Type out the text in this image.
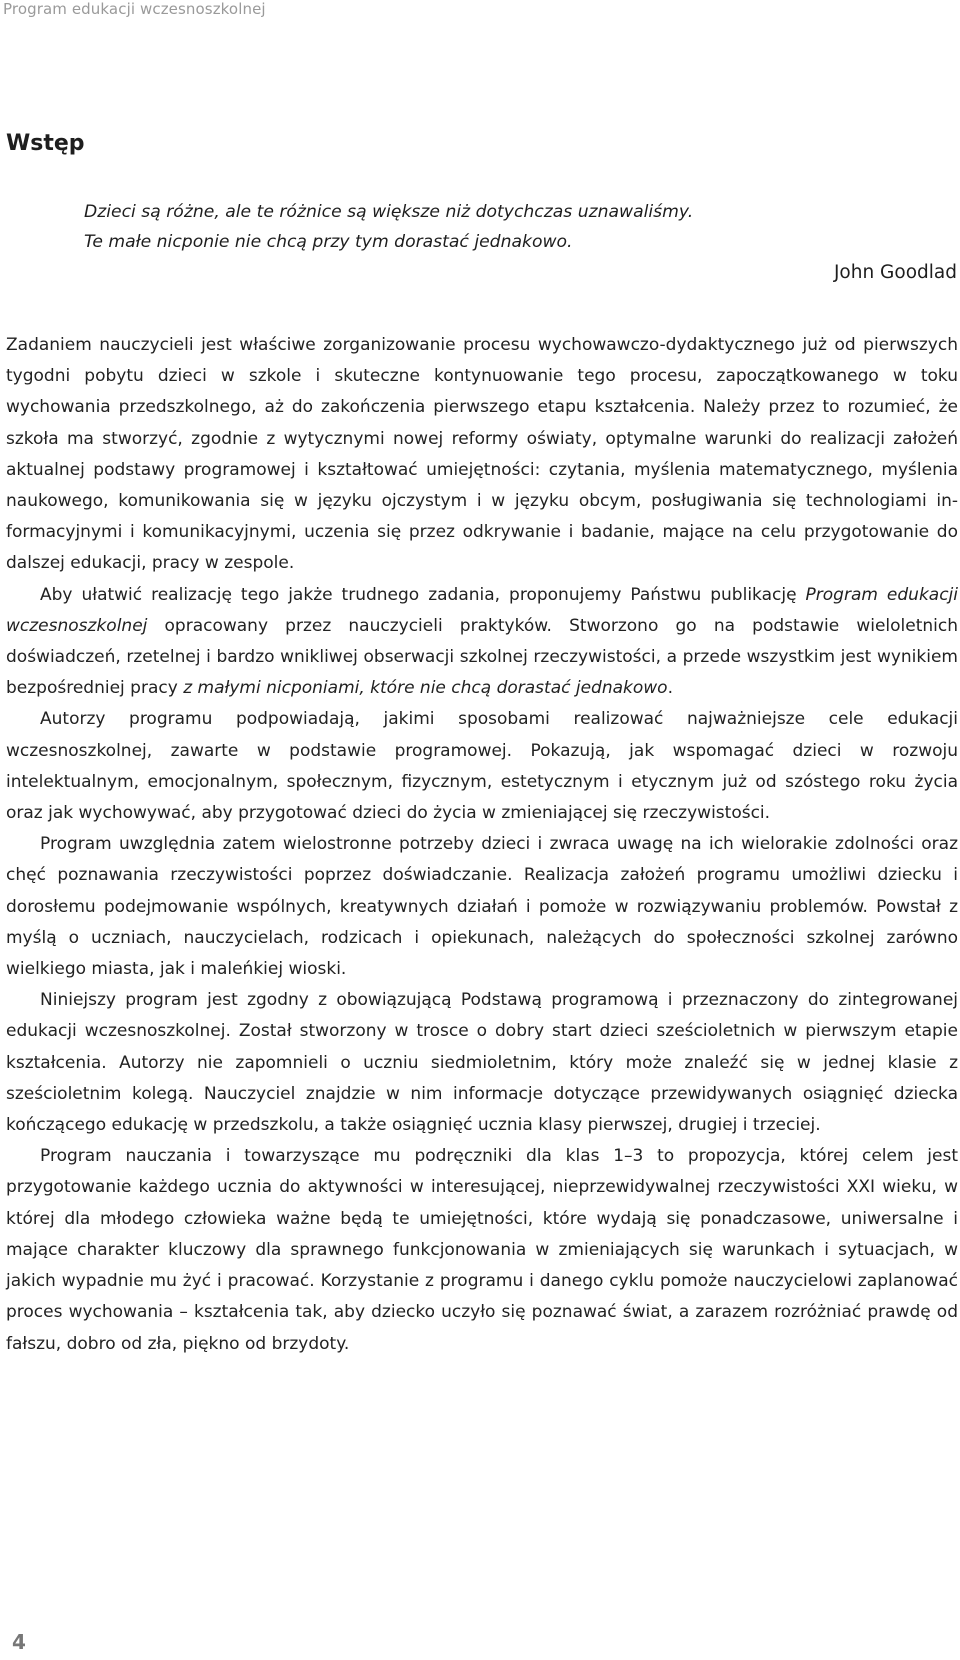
Program edukacji wczesnoszkolnej
Wstęp
Dzieci są różne, ale te różnice są większe niż dotychczas uznawaliśmy.
Te małe nicponie nie chcą przy tym dorastać jednakowo.
John Goodlad

Zadaniem nauczycieli jest właściwe zorganizowanie procesu wychowawczo-dydaktycznego już od pierwszych tygodni pobytu dzieci w szkole i skuteczne kontynuowanie tego procesu, zapoczątkowanego w toku wychowania przedszkolnego, aż do zakończenia pierwszego etapu kształcenia. Należy przez to rozumieć, że szkoła ma stworzyć, zgodnie z wytycznymi nowej reformy oświaty, optymalne warunki do realizacji założeń aktualnej podstawy programowej i kształtować umiejętności: czytania, myślenia matematycznego, myślenia naukowego, komunikowania się w języku ojczystym i w języku obcym, posługiwania się technologiami informacyjnymi i komunikacyjnymi, uczenia się przez odkrywanie i badanie, mające na celu przygotowanie do dalszej edukacji, pracy w zespole.

Aby ułatwić realizację tego jakże trudnego zadania, proponujemy Państwu publikację Program edukacji wczesnoszkolnej opracowany przez nauczycieli praktyków. Stworzono go na podstawie wieloletnich doświadczeń, rzetelnej i bardzo wnikliwej obserwacji szkolnej rzeczywistości, a przede wszystkim jest wynikiem bezpośredniej pracy z małymi nicponiami, które nie chcą dorastać jednakowo.

Autorzy programu podpowiadają, jakimi sposobami realizować najważniejsze cele edukacji wczesnoszkolnej, zawarte w podstawie programowej. Pokazują, jak wspomagać dzieci w rozwoju intelektualnym, emocjonalnym, społecznym, fizycznym, estetycznym i etycznym już od szóstego roku życia oraz jak wychowywać, aby przygotować dzieci do życia w zmieniającej się rzeczywistości.

Program uwzględnia zatem wielostronne potrzeby dzieci i zwraca uwagę na ich wielorakie zdolności oraz chęć poznawania rzeczywistości poprzez doświadczanie. Realizacja założeń programu umożliwi dziecku i dorosłemu podejmowanie wspólnych, kreatywnych działań i pomoże w rozwiązywaniu problemów. Powstał z myślą o uczniach, nauczycielach, rodzicach i opiekunach, należących do społeczności szkolnej zarówno wielkiego miasta, jak i maleńkiej wioski.

Niniejszy program jest zgodny z obowiązującą Podstawą programową i przeznaczony do zintegrowanej edukacji wczesnoszkolnej. Został stworzony w trosce o dobry start dzieci sześcioletnich w pierwszym etapie kształcenia. Autorzy nie zapomnieli o uczniu siedmioletnim, który może znaleźć się w jednej klasie z sześcioletnim kolegą. Nauczyciel znajdzie w nim informacje dotyczące przewidywanych osiągnięć dziecka kończącego edukację w przedszkolu, a także osiągnięć ucznia klasy pierwszej, drugiej i trzeciej.

Program nauczania i towarzyszące mu podręczniki dla klas 1–3 to propozycja, której celem jest przygotowanie każdego ucznia do aktywności w interesującej, nieprzewidywalnej rzeczywistości XXI wieku, w której dla młodego człowieka ważne będą te umiejętności, które wydają się ponadczasowe, uniwersalne i mające charakter kluczowy dla sprawnego funkcjonowania w zmieniających się warunkach i sytuacjach, w jakich wypadnie mu żyć i pracować. Korzystanie z programu i danego cyklu pomoże nauczycielowi zaplanować proces wychowania – kształcenia tak, aby dziecko uczyło się poznawać świat, a zarazem rozróżniać prawdę od fałszu, dobro od zła, piękno od brzydoty.

4
